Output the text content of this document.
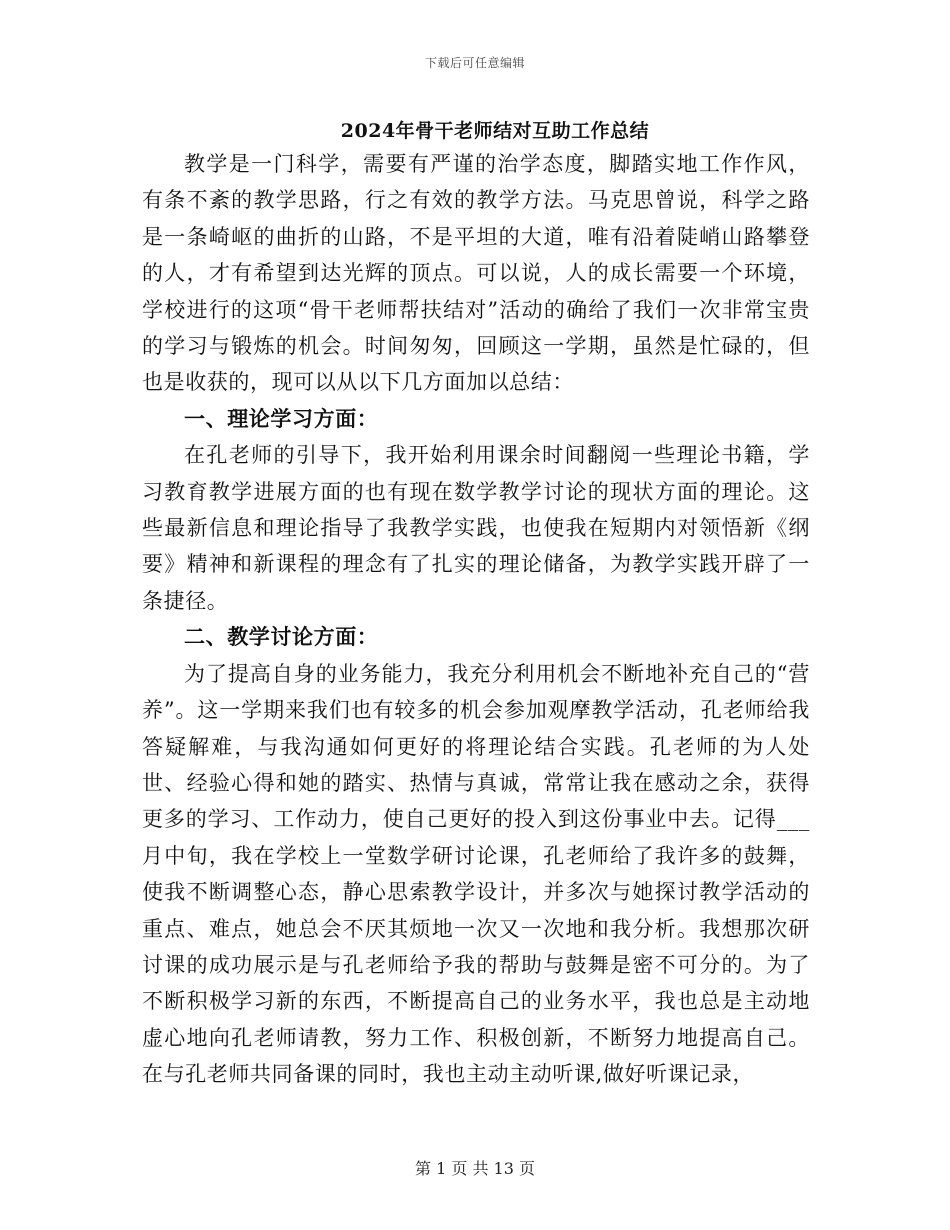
下载后可任意编辑
2024年骨干老师结对互助工作总结

教学是一门科学，需要有严谨的治学态度，脚踏实地工作作风，有条不紊的教学思路，行之有效的教学方法。马克思曾说，科学之路是一条崎岖的曲折的山路，不是平坦的大道，唯有沿着陡峭山路攀登的人，才有希望到达光辉的顶点。可以说，人的成长需要一个环境，学校进行的这项“骨干老师帮扶结对”活动的确给了我们一次非常宝贵的学习与锻炼的机会。时间匆匆，回顾这一学期，虽然是忙碌的，但也是收获的，现可以从以下几方面加以总结：

一、理论学习方面：

在孔老师的引导下，我开始利用课余时间翻阅一些理论书籍，学习教育教学进展方面的也有现在数学教学讨论的现状方面的理论。这些最新信息和理论指导了我教学实践，也使我在短期内对领悟新《纲要》精神和新课程的理念有了扎实的理论储备，为教学实践开辟了一条捷径。

二、教学讨论方面：

为了提高自身的业务能力，我充分利用机会不断地补充自己的“营养”。这一学期来我们也有较多的机会参加观摩教学活动，孔老师给我答疑解难，与我沟通如何更好的将理论结合实践。孔老师的为人处世、经验心得和她的踏实、热情与真诚，常常让我在感动之余，获得更多的学习、工作动力，使自己更好的投入到这份事业中去。记得___月中旬，我在学校上一堂数学研讨论课，孔老师给了我许多的鼓舞，使我不断调整心态，静心思索教学设计，并多次与她探讨教学活动的重点、难点，她总会不厌其烦地一次又一次地和我分析。我想那次研讨课的成功展示是与孔老师给予我的帮助与鼓舞是密不可分的。为了不断积极学习新的东西，不断提高自己的业务水平，我也总是主动地虚心地向孔老师请教，努力工作、积极创新，不断努力地提高自己。在与孔老师共同备课的同时，我也主动主动听课,做好听课记录，

第 1 页 共 13 页
